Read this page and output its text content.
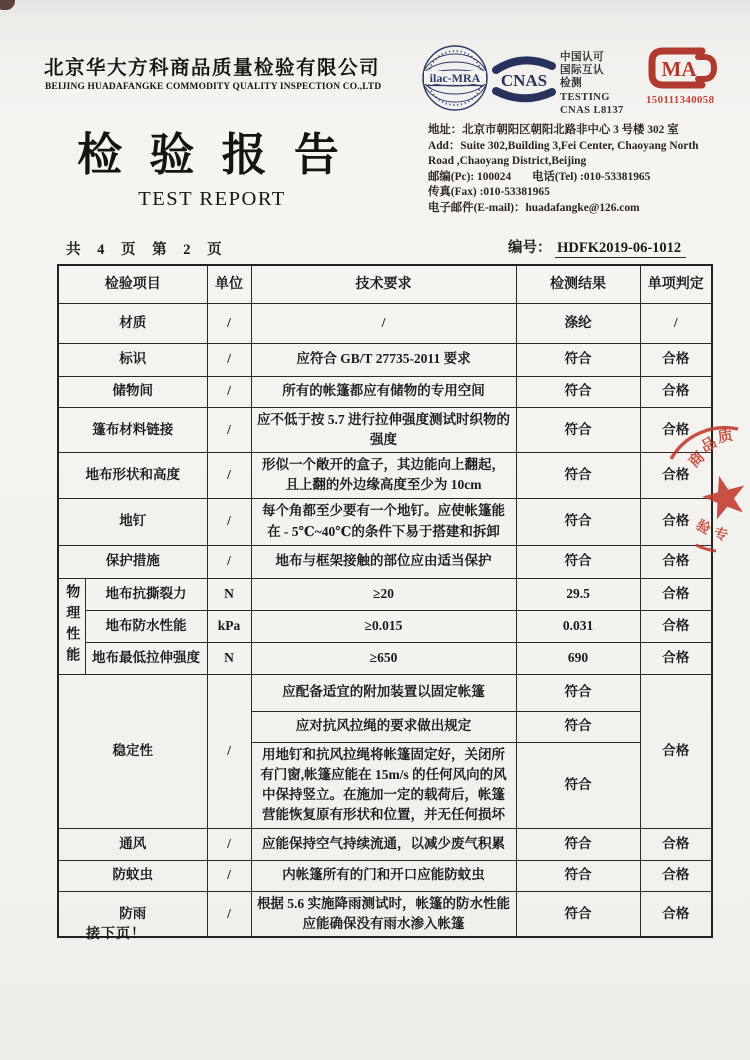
北京华大方科商品质量检验有限公司
BEIJING HUADAFANGKE COMMODITY QUALITY INSPECTION CO.,LTD
检 验 报 告
TEST REPORT
ilac-MRA CNAS
中国认可
国际互认
检测
TESTING
CNAS L8137
MA
150111340058
地址：北京市朝阳区朝阳北路非中心 3 号楼 302 室
Add：Suite 302,Building 3,Fei Center, Chaoyang North
Road ,Chaoyang District,Beijing
邮编(Pc): 100024 电话(Tel) :010-53381965
传真(Fax) :010-53381965
电子邮件(E-mail)：huadafangke@126.com
共 4 页 第 2 页	编号： HDFK2019-06-1012
检验项目		单位	技术要求	检测结果	单项判定
材质		/	/	涤纶	/
标识		/	应符合 GB/T 27735-2011 要求	符合	合格
储物间		/	所有的帐篷都应有储物的专用空间	符合	合格
篷布材料链接		/	应不低于按 5.7 进行拉伸强度测试时织物的强度	符合	合格
地布形状和高度		/	形似一个敞开的盒子，其边能向上翻起，且上翻的外边缘高度至少为 10cm	符合	合格
地钉		/	每个角都至少要有一个地钉。应使帐篷能在 - 5℃~40℃的条件下易于搭建和拆卸	符合	合格
保护措施		/	地布与框架接触的部位应由适当保护	符合	合格
物理性能	地布抗撕裂力	N	≥20	29.5	合格
	地布防水性能	kPa	≥0.015	0.031	合格
	地布最低拉伸强度	N	≥650	690	合格
稳定性		/	应配备适宜的附加装置以固定帐篷	符合	合格
			应对抗风拉绳的要求做出规定	符合	
			用地钉和抗风拉绳将帐篷固定好，关闭所有门窗,帐篷应能在 15m/s 的任何风向的风中保持竖立。在施加一定的载荷后，帐篷营能恢复原有形状和位置，并无任何损坏	符合	
通风		/	应能保持空气持续流通，以减少废气积累	符合	合格
防蚊虫		/	内帐篷所有的门和开口应能防蚊虫	符合	合格
防雨		/	根据 5.6 实施降雨测试时，帐篷的防水性能应能确保没有雨水渗入帐篷	符合	合格
接下页！
商
品
质
验 专
